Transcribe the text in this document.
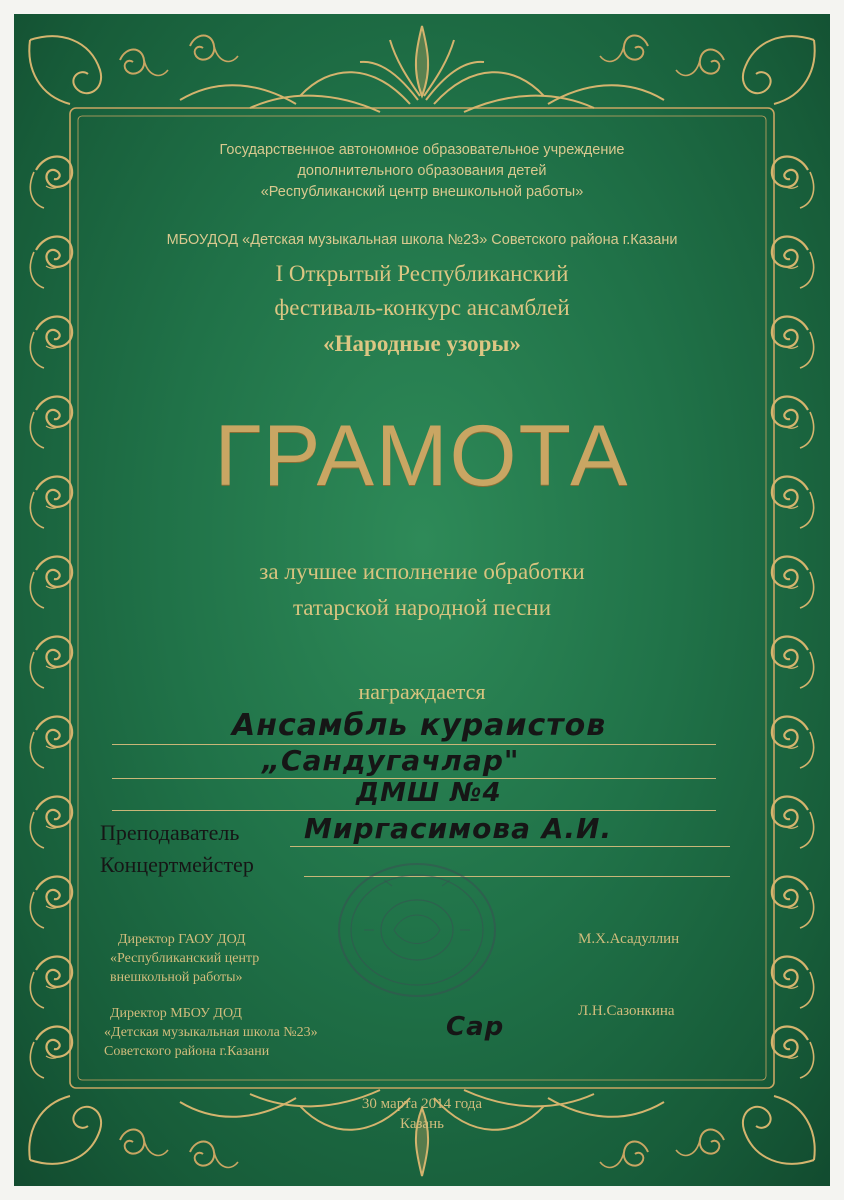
Государственное автономное образовательное учреждение
дополнительного образования детей
«Республиканский центр внешкольной работы»
МБОУДОД «Детская музыкальная школа №23» Советского района г.Казани
I Открытый Республиканский
фестиваль-конкурс ансамблей
«Народные узоры»
ГРАМОТА
за лучшее исполнение обработки
татарской народной песни
награждается
Ансамбль кураистов
„Сандугачлар"
ДМШ №4
Миргасимова А.И.
Преподаватель
Концертмейстер
Директор ГАОУ ДОД
«Республиканский центр
внешкольной работы»
М.Х.Асадуллин
Директор МБОУ ДОД
«Детская музыкальная школа №23»
Советского района г.Казани
Л.Н.Сазонкина
Сар
30 марта 2014 года
Казань
